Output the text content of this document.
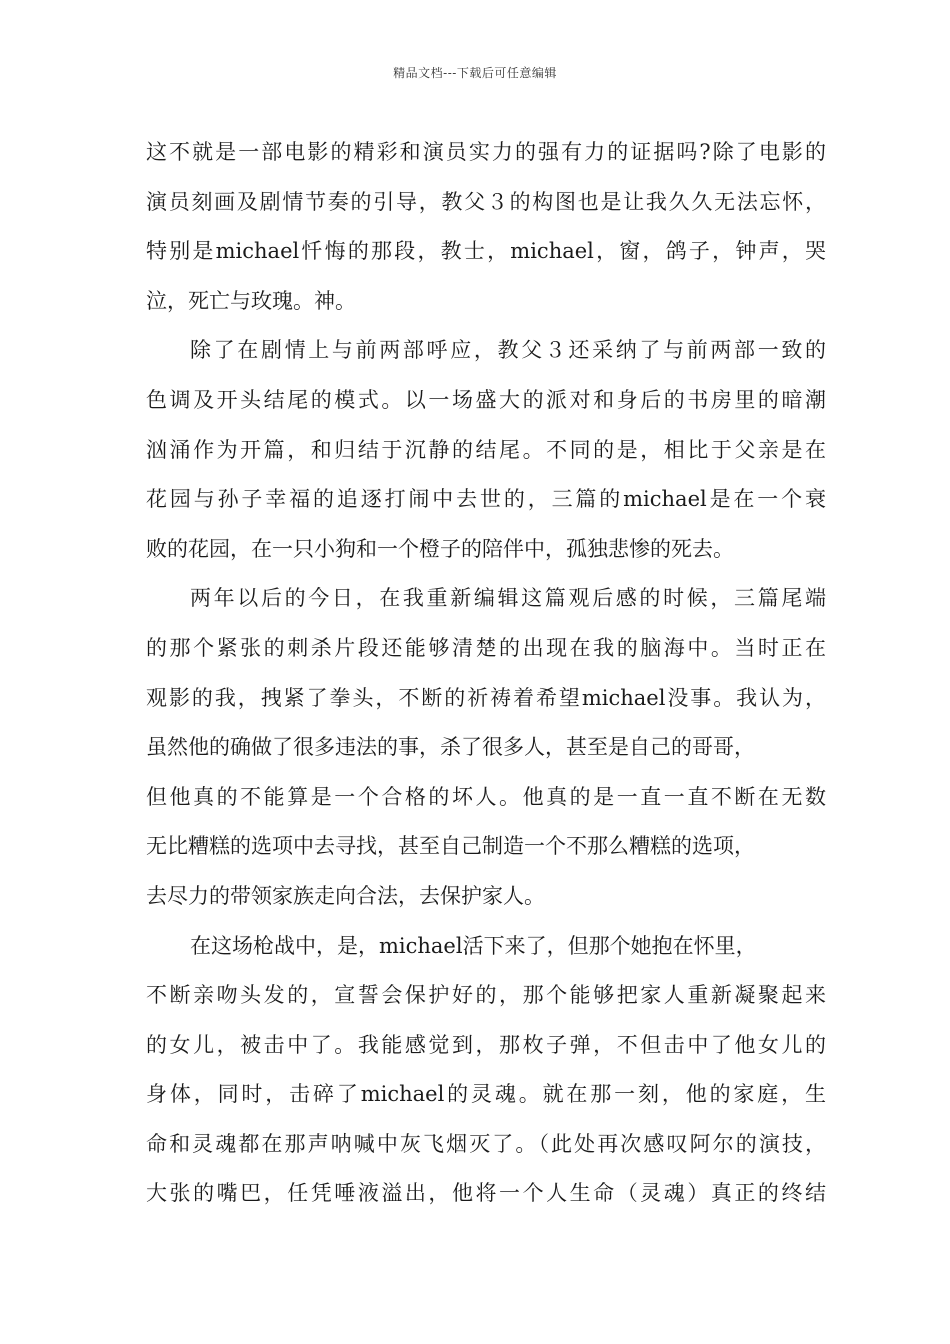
精品文档---下载后可任意编辑
这不就是一部电影的精彩和演员实力的强有力的证据吗?除了电影的
演员刻画及剧情节奏的引导，教父３的构图也是让我久久无法忘怀，
特别是michael忏悔的那段，教士，michael，窗，鸽子，钟声，哭
泣，死亡与玫瑰。神。
除了在剧情上与前两部呼应，教父３还采纳了与前两部一致的
色调及开头结尾的模式。以一场盛大的派对和身后的书房里的暗潮
汹涌作为开篇，和归结于沉静的结尾。不同的是，相比于父亲是在
花园与孙子幸福的追逐打闹中去世的，三篇的michael是在一个衰
败的花园，在一只小狗和一个橙子的陪伴中，孤独悲惨的死去。
两年以后的今日，在我重新编辑这篇观后感的时候，三篇尾端
的那个紧张的刺杀片段还能够清楚的出现在我的脑海中。当时正在
观影的我，拽紧了拳头，不断的祈祷着希望michael没事。我认为，
虽然他的确做了很多违法的事，杀了很多人，甚至是自己的哥哥，
但他真的不能算是一个合格的坏人。他真的是一直一直不断在无数
无比糟糕的选项中去寻找，甚至自己制造一个不那么糟糕的选项，
去尽力的带领家族走向合法，去保护家人。
在这场枪战中，是，michael活下来了，但那个她抱在怀里，
不断亲吻头发的，宣誓会保护好的，那个能够把家人重新凝聚起来
的女儿，被击中了。我能感觉到，那枚子弹，不但击中了他女儿的
身体，同时，击碎了michael的灵魂。就在那一刻，他的家庭，生
命和灵魂都在那声呐喊中灰飞烟灭了。（此处再次感叹阿尔的演技，
大张的嘴巴，任凭唾液溢出，他将一个人生命（灵魂）真正的终结
